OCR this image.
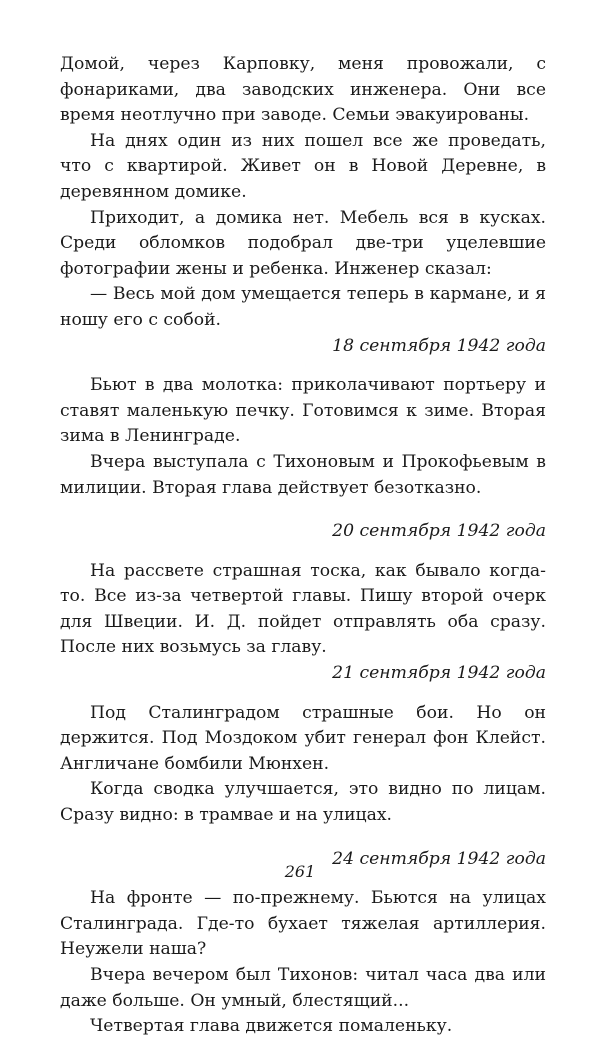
Домой, через Карповку, меня провожали, с фонариками, два заводских инженера. Они все время неотлучно при заводе. Семьи эвакуированы.

На днях один из них пошел все же проведать, что с квартирой. Живет он в Новой Деревне, в деревянном домике.

Приходит, а домика нет. Мебель вся в кусках. Среди обломков подобрал две-три уцелевшие фотографии жены и ребенка. Инженер сказал:

— Весь мой дом умещается теперь в кармане, и я ношу его с собой.

18 сентября 1942 года

Бьют в два молотка: приколачивают портьеру и ставят маленькую печку. Готовимся к зиме. Вторая зима в Ленинграде.

Вчера выступала с Тихоновым и Прокофьевым в милиции. Вторая глава действует безотказно.

20 сентября 1942 года

На рассвете страшная тоска, как бывало когда-то. Все из-за четвертой главы. Пишу второй очерк для Швеции. И. Д. пойдет отправлять оба сразу. После них возьмусь за главу.

21 сентября 1942 года

Под Сталинградом страшные бои. Но он держится. Под Моздоком убит генерал фон Клейст. Англичане бомбили Мюнхен.

Когда сводка улучшается, это видно по лицам. Сразу видно: в трамвае и на улицах.

24 сентября 1942 года

На фронте — по-прежнему. Бьются на улицах Сталинграда. Где-то бухает тяжелая артиллерия. Неужели наша?

Вчера вечером был Тихонов: читал часа два или даже больше. Он умный, блестящий...

Четвертая глава движется помаленьку.

261
